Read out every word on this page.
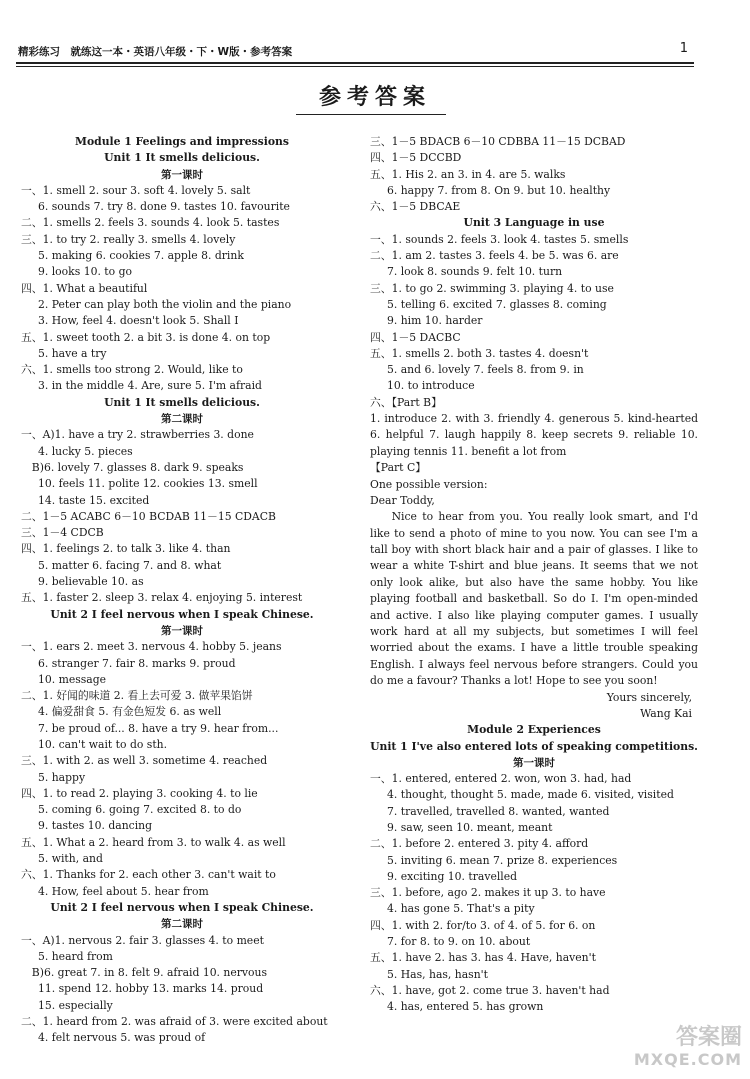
精彩练习　就练这一本・英语八年级・下・W版・参考答案	1
参考答案
Module 1 Feelings and impressions
Unit 1 It smells delicious.
第一课时
一、1. smell 2. sour 3. soft 4. lovely 5. salt
6. sounds 7. try 8. done 9. tastes 10. favourite
二、1. smells 2. feels 3. sounds 4. look 5. tastes
三、1. to try 2. really 3. smells 4. lovely
5. making 6. cookies 7. apple 8. drink
9. looks 10. to go
四、1. What a beautiful
2. Peter can play both the violin and the piano
3. How, feel 4. doesn't look 5. Shall I
五、1. sweet tooth 2. a bit 3. is done 4. on top
5. have a try
六、1. smells too strong 2. Would, like to
3. in the middle 4. Are, sure 5. I'm afraid
Unit 1 It smells delicious.
第二课时
一、A)1. have a try 2. strawberries 3. done
4. lucky 5. pieces
　B)6. lovely 7. glasses 8. dark 9. speaks
10. feels 11. polite 12. cookies 13. smell
14. taste 15. excited
二、1－5 ACABC 6－10 BCDAB 11－15 CDACB
三、1－4 CDCB
四、1. feelings 2. to talk 3. like 4. than
5. matter 6. facing 7. and 8. what
9. believable 10. as
五、1. faster 2. sleep 3. relax 4. enjoying 5. interest
Unit 2 I feel nervous when I speak Chinese.
第一课时
一、1. ears 2. meet 3. nervous 4. hobby 5. jeans
6. stranger 7. fair 8. marks 9. proud
10. message
二、1. 好闻的味道 2. 看上去可爱 3. 做苹果馅饼
4. 偏爱甜食 5. 有金色短发 6. as well
7. be proud of... 8. have a try 9. hear from...
10. can't wait to do sth.
三、1. with 2. as well 3. sometime 4. reached
5. happy
四、1. to read 2. playing 3. cooking 4. to lie
5. coming 6. going 7. excited 8. to do
9. tastes 10. dancing
五、1. What a 2. heard from 3. to walk 4. as well
5. with, and
六、1. Thanks for 2. each other 3. can't wait to
4. How, feel about 5. hear from
Unit 2 I feel nervous when I speak Chinese.
第二课时
一、A)1. nervous 2. fair 3. glasses 4. to meet
5. heard from
　B)6. great 7. in 8. felt 9. afraid 10. nervous
11. spend 12. hobby 13. marks 14. proud
15. especially
二、1. heard from 2. was afraid of 3. were excited about
4. felt nervous 5. was proud of
三、1－5 BDACB 6－10 CDBBA 11－15 DCBAD
四、1－5 DCCBD
五、1. His 2. an 3. in 4. are 5. walks
6. happy 7. from 8. On 9. but 10. healthy
六、1－5 DBCAE
Unit 3 Language in use
一、1. sounds 2. feels 3. look 4. tastes 5. smells
二、1. am 2. tastes 3. feels 4. be 5. was 6. are
7. look 8. sounds 9. felt 10. turn
三、1. to go 2. swimming 3. playing 4. to use
5. telling 6. excited 7. glasses 8. coming
9. him 10. harder
四、1－5 DACBC
五、1. smells 2. both 3. tastes 4. doesn't
5. and 6. lovely 7. feels 8. from 9. in
10. to introduce
六、【Part B】
1. introduce 2. with 3. friendly 4. generous 5. kind-hearted 6. helpful 7. laugh happily 8. keep secrets 9. reliable 10. playing tennis 11. benefit a lot from
【Part C】
One possible version:
Dear Toddy,
Nice to hear from you. You really look smart, and I'd like to send a photo of mine to you now. You can see I'm a tall boy with short black hair and a pair of glasses. I like to wear a white T-shirt and blue jeans. It seems that we not only look alike, but also have the same hobby. You like playing football and basketball. So do I. I'm open-minded and active. I also like playing computer games. I usually work hard at all my subjects, but sometimes I will feel worried about the exams. I have a little trouble speaking English. I always feel nervous before strangers. Could you do me a favour? Thanks a lot! Hope to see you soon!
Yours sincerely,
Wang Kai
Module 2 Experiences
Unit 1 I've also entered lots of speaking competitions.
第一课时
一、1. entered, entered 2. won, won 3. had, had
4. thought, thought 5. made, made 6. visited, visited
7. travelled, travelled 8. wanted, wanted
9. saw, seen 10. meant, meant
二、1. before 2. entered 3. pity 4. afford
5. inviting 6. mean 7. prize 8. experiences
9. exciting 10. travelled
三、1. before, ago 2. makes it up 3. to have
4. has gone 5. That's a pity
四、1. with 2. for/to 3. of 4. of 5. for 6. on
7. for 8. to 9. on 10. about
五、1. have 2. has 3. has 4. Have, haven't
5. Has, has, hasn't
六、1. have, got 2. come true 3. haven't had
4. has, entered 5. has grown
答案圈
MXQE.COM
